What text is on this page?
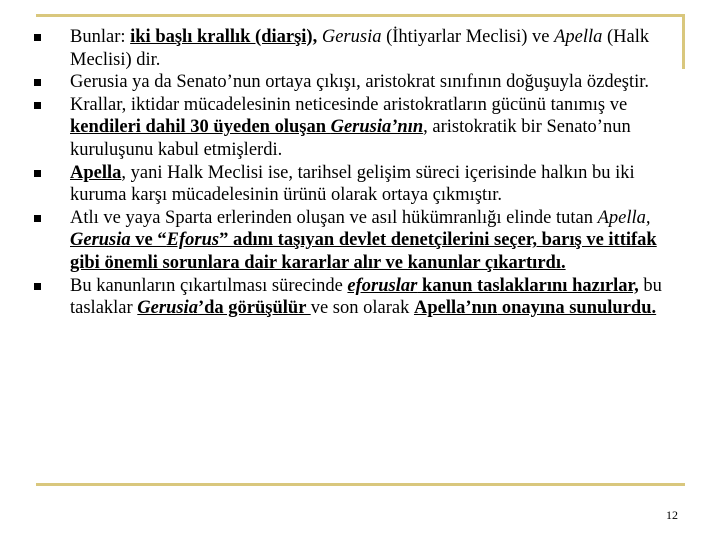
Bunlar: iki başlı krallık (diarşi), Gerusia (İhtiyarlar Meclisi) ve Apella (Halk Meclisi) dir.
Gerusia ya da Senato’nun ortaya çıkışı, aristokrat sınıfının doğuşuyla özdeştir.
Krallar, iktidar mücadelesinin neticesinde aristokratların gücünü tanımış ve kendileri dahil 30 üyeden oluşan Gerusia’nın, aristokratik bir Senato’nun kuruluşunu kabul etmişlerdi.
Apella, yani Halk Meclisi ise, tarihsel gelişim süreci içerisinde halkın bu iki kuruma karşı mücadelesinin ürünü olarak ortaya çıkmıştır.
Atlı ve yaya Sparta erlerinden oluşan ve asıl hükümranlığı elinde tutan Apella, Gerusia ve “Eforus” adını taşıyan devlet denetçilerini seçer, barış ve ittifak gibi önemli sorunlara dair kararlar alır ve kanunlar çıkartırdı.
Bu kanunların çıkartılması sürecinde eforuslar kanun taslaklarını hazırlar, bu taslaklar Gerusia’da görüşülür ve son olarak Apella’nın onayına sunulurdu.
12
